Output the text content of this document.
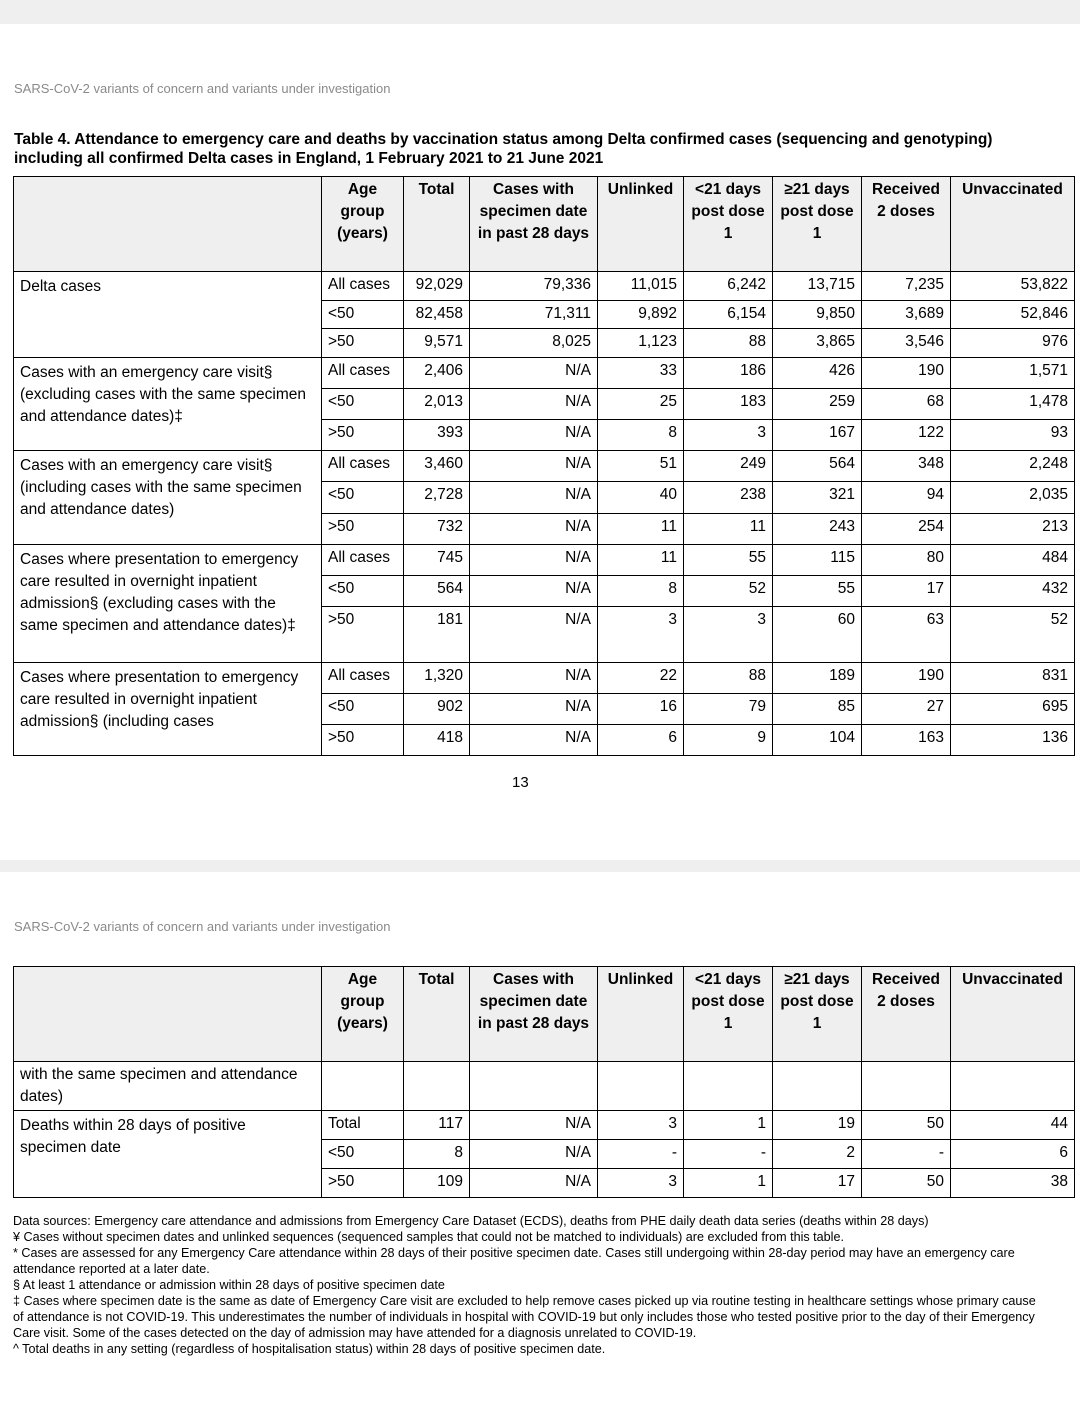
SARS-CoV-2 variants of concern and variants under investigation
Table 4. Attendance to emergency care and deaths by vaccination status among Delta confirmed cases (sequencing and genotyping) including all confirmed Delta cases in England, 1 February 2021 to 21 June 2021
	Age group (years)	Total	Cases with specimen date in past 28 days	Unlinked	<21 days post dose 1	≥21 days post dose 1	Received 2 doses	Unvaccinated
Delta cases	All cases	92,029	79,336	11,015	6,242	13,715	7,235	53,822
	<50	82,458	71,311	9,892	6,154	9,850	3,689	52,846
	>50	9,571	8,025	1,123	88	3,865	3,546	976
Cases with an emergency care visit§ (excluding cases with the same specimen and attendance dates)‡	All cases	2,406	N/A	33	186	426	190	1,571
	<50	2,013	N/A	25	183	259	68	1,478
	>50	393	N/A	8	3	167	122	93
Cases with an emergency care visit§ (including cases with the same specimen and attendance dates)	All cases	3,460	N/A	51	249	564	348	2,248
	<50	2,728	N/A	40	238	321	94	2,035
	>50	732	N/A	11	11	243	254	213
Cases where presentation to emergency care resulted in overnight inpatient admission§ (excluding cases with the same specimen and attendance dates)‡	All cases	745	N/A	11	55	115	80	484
	<50	564	N/A	8	52	55	17	432
	>50	181	N/A	3	3	60	63	52
Cases where presentation to emergency care resulted in overnight inpatient admission§ (including cases	All cases	1,320	N/A	22	88	189	190	831
	<50	902	N/A	16	79	85	27	695
	>50	418	N/A	6	9	104	163	136
13
SARS-CoV-2 variants of concern and variants under investigation
	Age group (years)	Total	Cases with specimen date in past 28 days	Unlinked	<21 days post dose 1	≥21 days post dose 1	Received 2 doses	Unvaccinated
with the same specimen and attendance dates)								
Deaths within 28 days of positive specimen date	Total	117	N/A	3	1	19	50	44
	<50	8	N/A	-	-	2	-	6
	>50	109	N/A	3	1	17	50	38

Data sources: Emergency care attendance and admissions from Emergency Care Dataset (ECDS), deaths from PHE daily death data series (deaths within 28 days)

¥ Cases without specimen dates and unlinked sequences (sequenced samples that could not be matched to individuals) are excluded from this table.

* Cases are assessed for any Emergency Care attendance within 28 days of their positive specimen date. Cases still undergoing within 28-day period may have an emergency care attendance reported at a later date.

§ At least 1 attendance or admission within 28 days of positive specimen date

‡ Cases where specimen date is the same as date of Emergency Care visit are excluded to help remove cases picked up via routine testing in healthcare settings whose primary cause of attendance is not COVID-19. This underestimates the number of individuals in hospital with COVID-19 but only includes those who tested positive prior to the day of their Emergency Care visit. Some of the cases detected on the day of admission may have attended for a diagnosis unrelated to COVID-19.

^ Total deaths in any setting (regardless of hospitalisation status) within 28 days of positive specimen date.
